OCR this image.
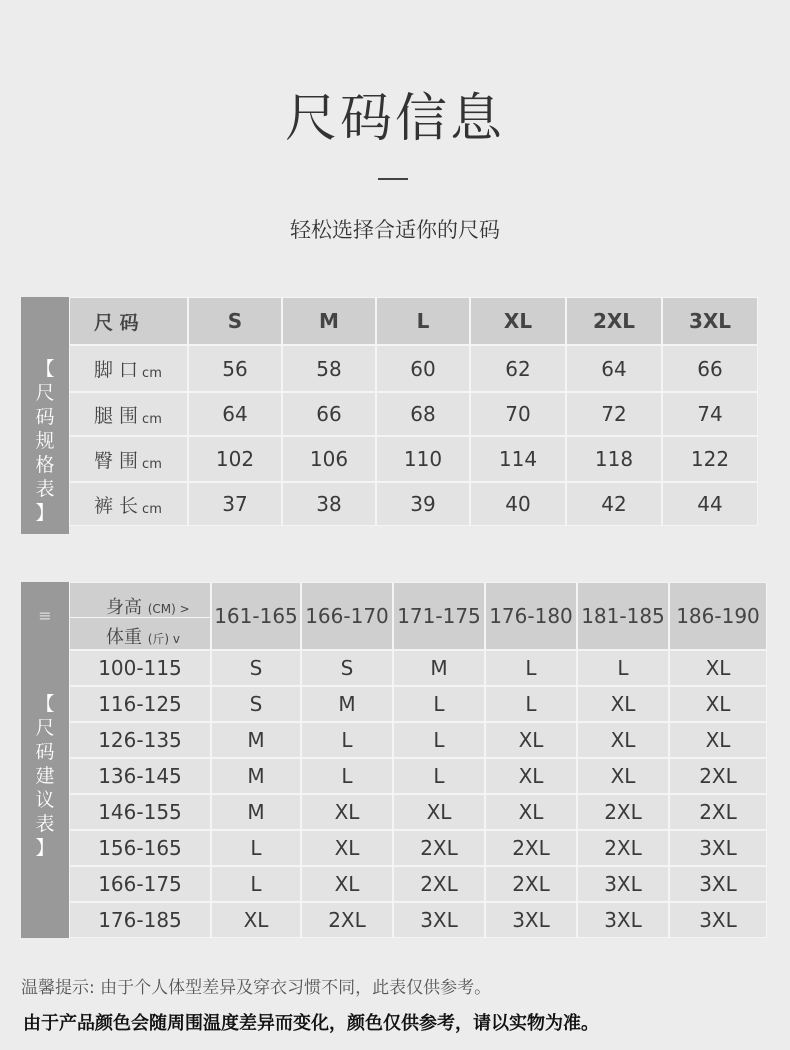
尺码信息
轻松选择合适你的尺码
【
尺
码
规
格
表
】
尺 码	S	M	L	XL	2XL	3XL
脚 口 cm	56	58	60	62	64	66
腿 围 cm	64	66	68	70	72	74
臀 围 cm	102	106	110	114	118	122
裤 长 cm	37	38	39	40	42	44
≡
【
尺
码
建
议
表
】
身高 (CM) >
体重 (斤) v
161-165 166-170 171-175 176-180 181-185 186-190
100-115	S	S	M	L	L	XL
116-125	S	M	L	L	XL	XL
126-135	M	L	L	XL	XL	XL
136-145	M	L	L	XL	XL	2XL
146-155	M	XL	XL	XL	2XL	2XL
156-165	L	XL	2XL	2XL	2XL	3XL
166-175	L	XL	2XL	2XL	3XL	3XL
176-185	XL	2XL	3XL	3XL	3XL	3XL
温馨提示: 由于个人体型差异及穿衣习惯不同，此表仅供参考。
由于产品颜色会随周围温度差异而变化，颜色仅供参考，请以实物为准。
